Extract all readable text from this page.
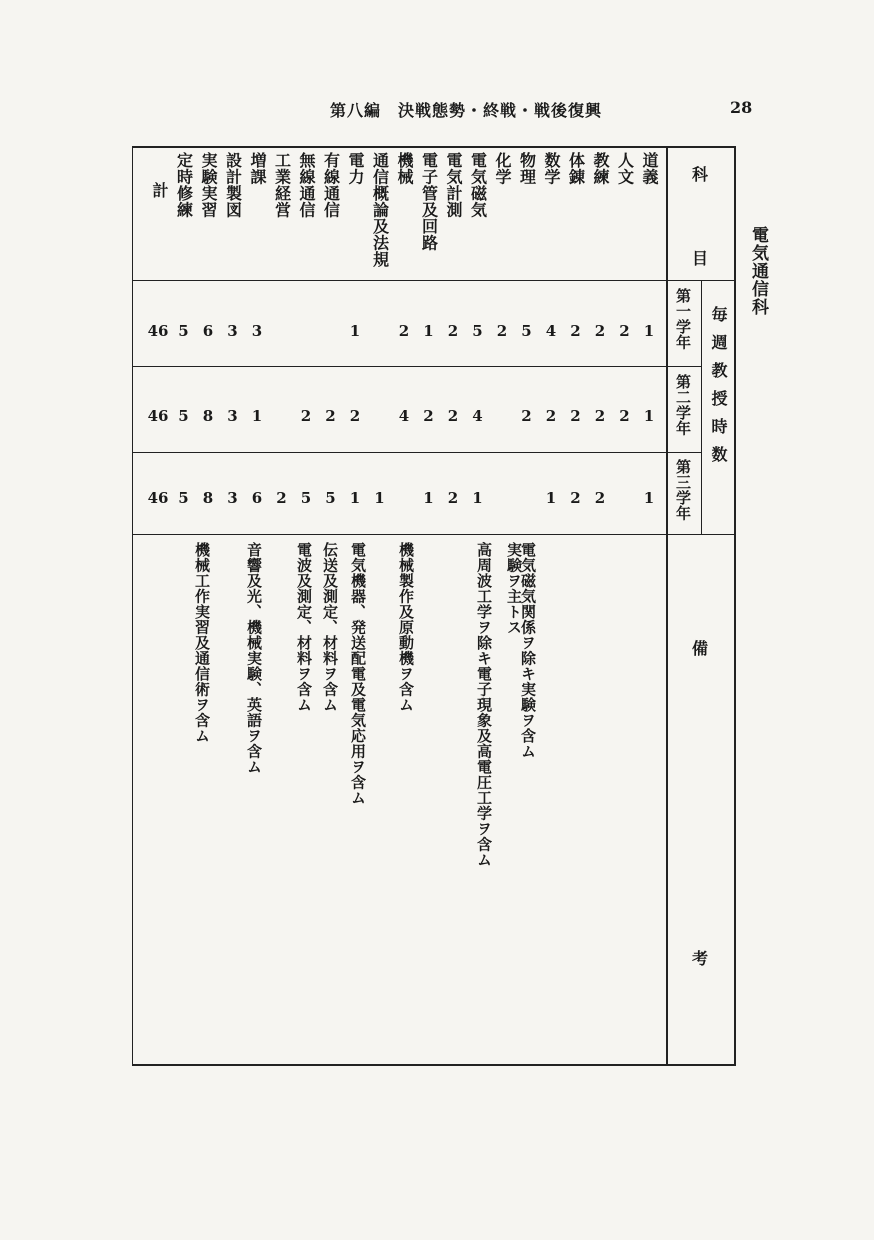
第八編　決戦態勢・終戦・戦後復興	28
電気通信科
科
目
第一学年
第二学年
第三学年
毎週教授時数
備
考
道義
1
1
1
人文
2
2
教練
2
2
2
体錬
2
2
2
数学
4
2
1
物理
5
2
化学
2
電気磁気
5
4
1
電気計測
2
2
2
電子管及回路
1
2
1
機械
2
4
通信概論及法規
1
電力
1
2
1
有線通信
2
5
無線通信
2
5
工業経営
2
増課
3
1
6
設計製図
3
3
3
実験実習
6
8
8
定時修練
5
5
5
計
46
46
46
電気磁気関係ヲ除キ実験ヲ含ム
実験ヲ主トス
高周波工学ヲ除キ電子現象及高電圧工学ヲ含ム
機械製作及原動機ヲ含ム
電気機器、発送配電及電気応用ヲ含ム
伝送及測定、材料ヲ含ム
電波及測定、材料ヲ含ム
音響及光、機械実験、英語ヲ含ム
機械工作実習及通信術ヲ含ム
